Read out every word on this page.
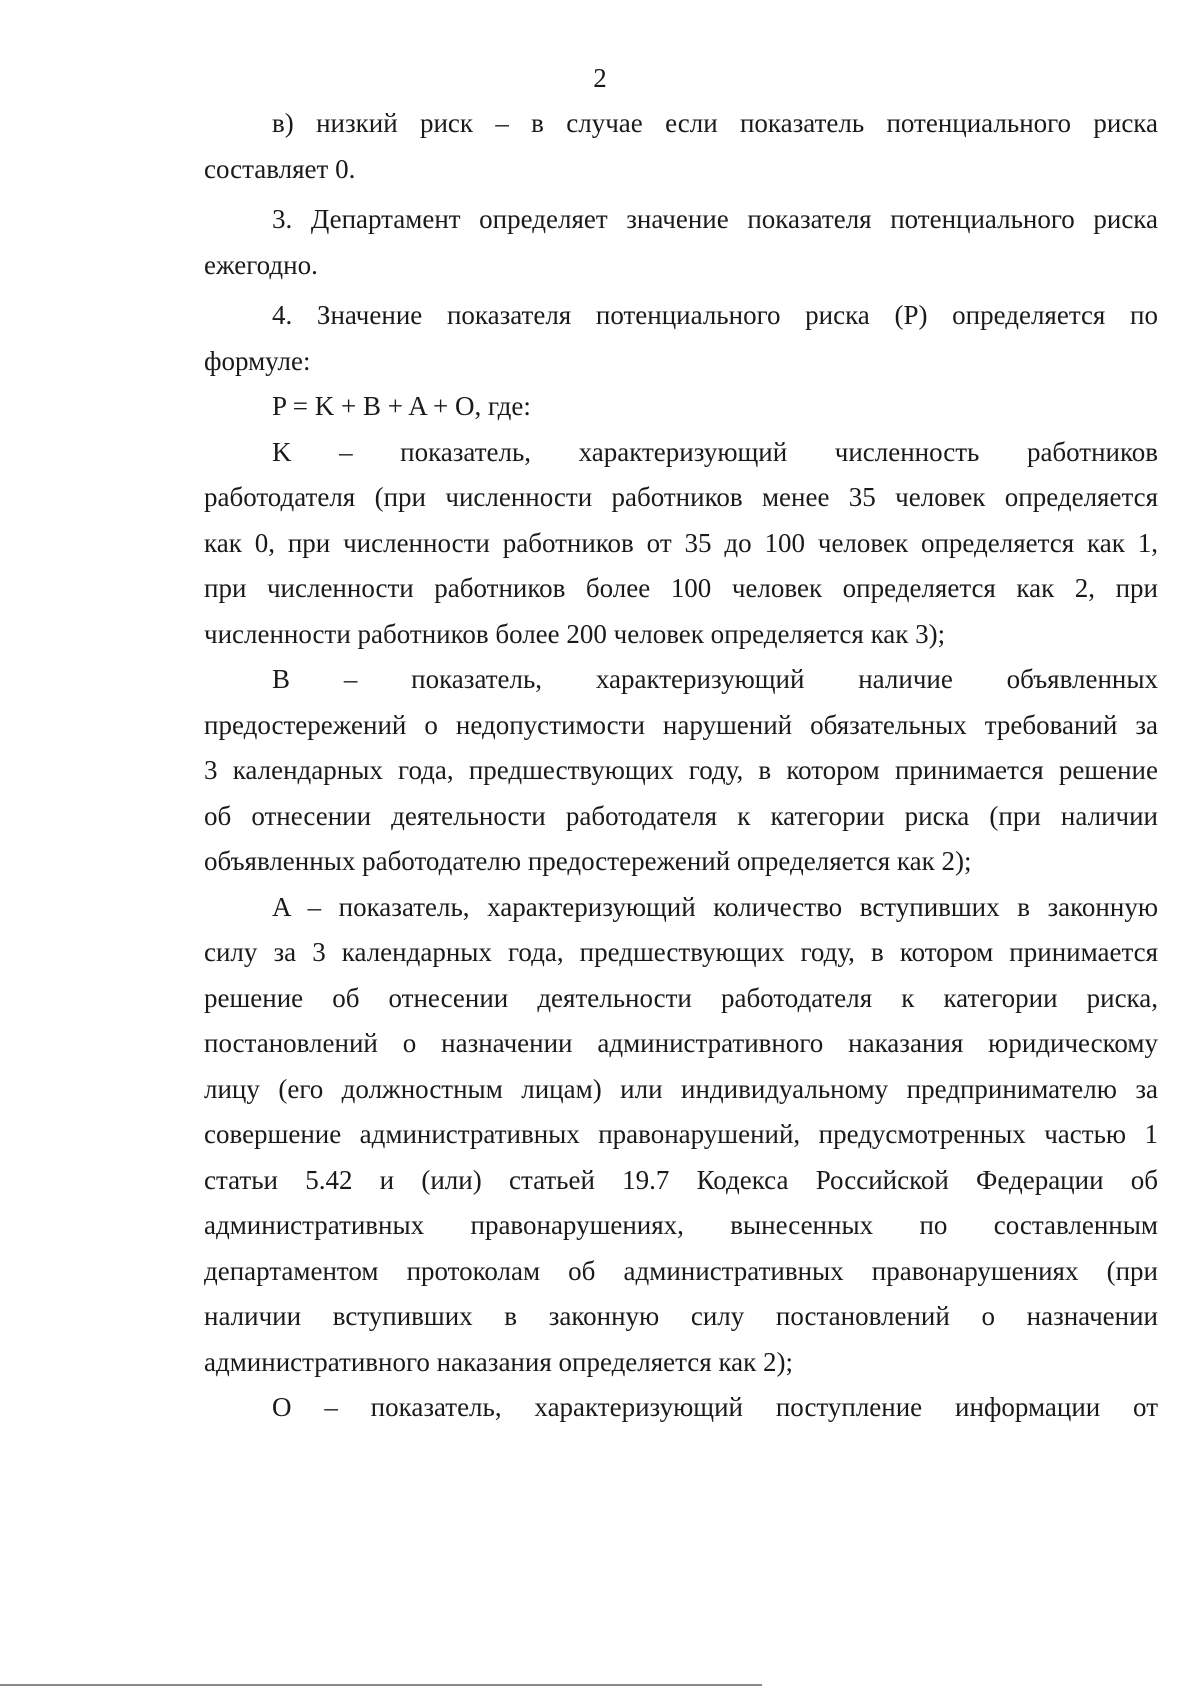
2
в) низкий риск – в случае если показатель потенциального риска
составляет 0.
3. Департамент определяет значение показателя потенциального риска
ежегодно.
4. Значение показателя потенциального риска (P) определяется по
формуле:
P = K + B + A + O, где:
K – показатель, характеризующий численность работников
работодателя (при численности работников менее 35 человек определяется
как 0, при численности работников от 35 до 100 человек определяется как 1,
при численности работников более 100 человек определяется как 2, при
численности работников более 200 человек определяется как 3);
B – показатель, характеризующий наличие объявленных
предостережений о недопустимости нарушений обязательных требований за
3 календарных года, предшествующих году, в котором принимается решение
об отнесении деятельности работодателя к категории риска (при наличии
объявленных работодателю предостережений определяется как 2);
A – показатель, характеризующий количество вступивших в законную
силу за 3 календарных года, предшествующих году, в котором принимается
решение об отнесении деятельности работодателя к категории риска,
постановлений о назначении административного наказания юридическому
лицу (его должностным лицам) или индивидуальному предпринимателю за
совершение административных правонарушений, предусмотренных частью 1
статьи 5.42 и (или) статьей 19.7 Кодекса Российской Федерации об
административных правонарушениях, вынесенных по составленным
департаментом протоколам об административных правонарушениях (при
наличии вступивших в законную силу постановлений о назначении
административного наказания определяется как 2);
O – показатель, характеризующий поступление информации от
